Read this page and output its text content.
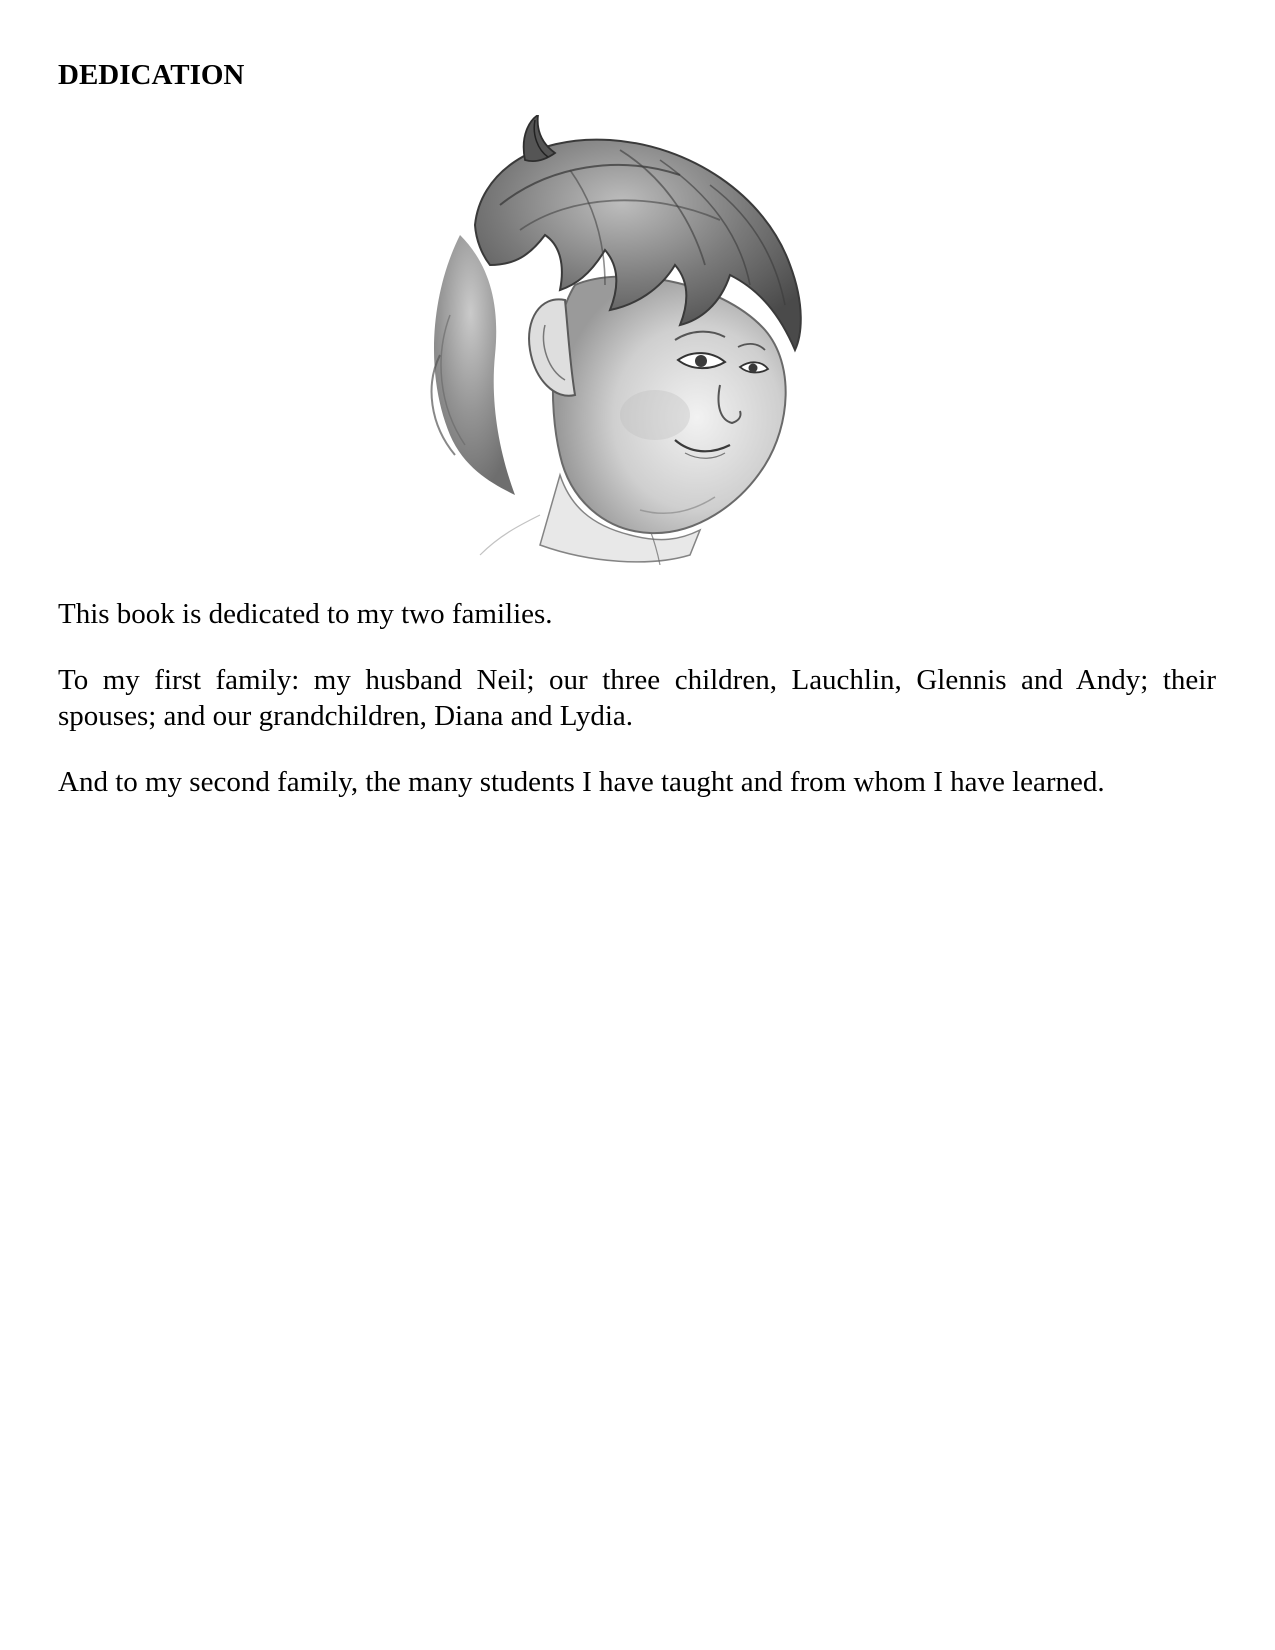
DEDICATION

This book is dedicated to my two families.

To my first family: my husband Neil; our three children, Lauchlin, Glennis and Andy; their spouses; and our grandchildren, Diana and Lydia.

And to my second family, the many students I have taught and from whom I have learned.
